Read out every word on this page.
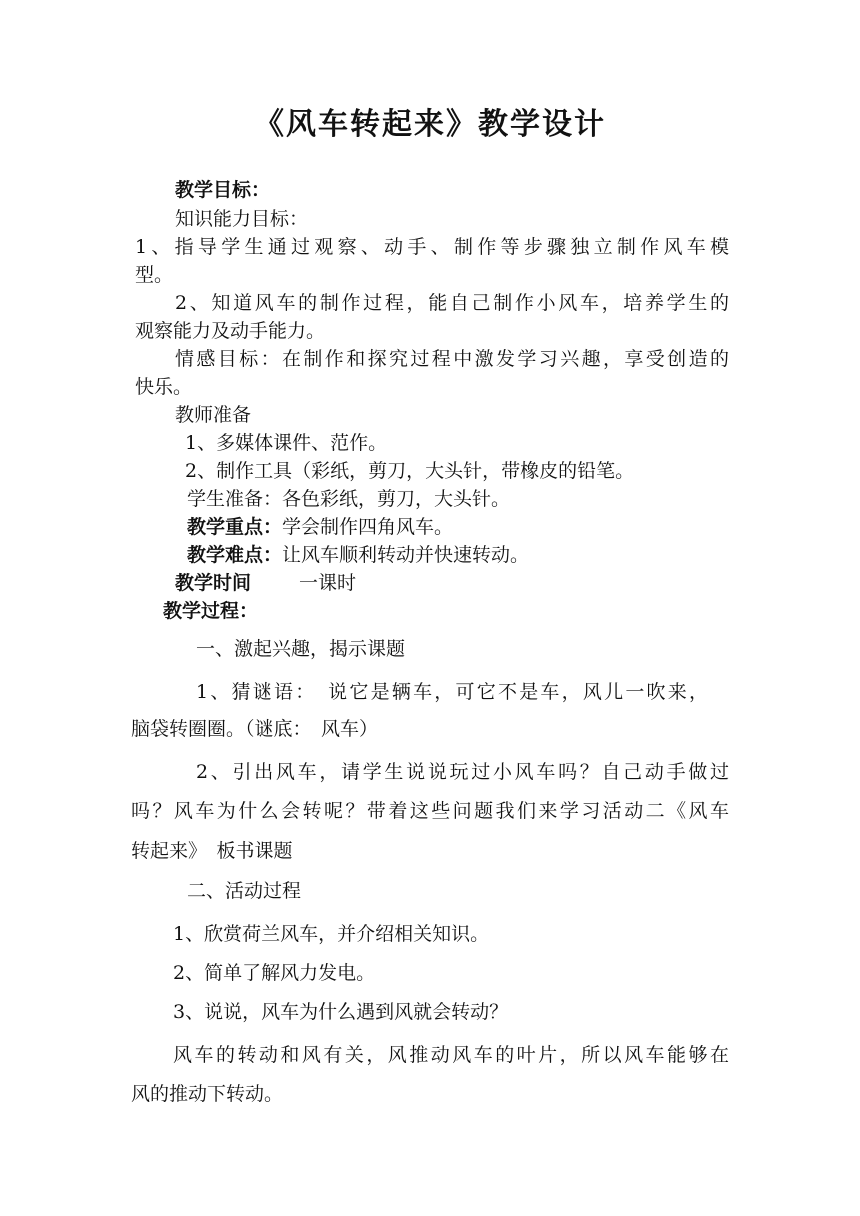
《风车转起来》教学设计
教学目标：
知识能力目标：
1、指导学生通过观察、动手、制作等步骤独立制作风车模
型。
2、知道风车的制作过程，能自己制作小风车，培养学生的
观察能力及动手能力。
情感目标：在制作和探究过程中激发学习兴趣，享受创造的
快乐。
教师准备
1、多媒体课件、范作。
2、制作工具（彩纸，剪刀，大头针，带橡皮的铅笔。
学生准备：各色彩纸，剪刀，大头针。
教学重点：学会制作四角风车。
教学难点：让风车顺利转动并快速转动。
教学时间	一课时
教学过程：
一、激起兴趣，揭示课题
1、猜谜语：　说它是辆车，可它不是车，风儿一吹来，
脑袋转圈圈。（谜底：　风车）
2、引出风车，请学生说说玩过小风车吗？自己动手做过
吗？风车为什么会转呢？带着这些问题我们来学习活动二《风车
转起来》　板书课题
二、活动过程
1、欣赏荷兰风车，并介绍相关知识。
2、简单了解风力发电。
3、说说，风车为什么遇到风就会转动？
风车的转动和风有关，风推动风车的叶片，所以风车能够在
风的推动下转动。
